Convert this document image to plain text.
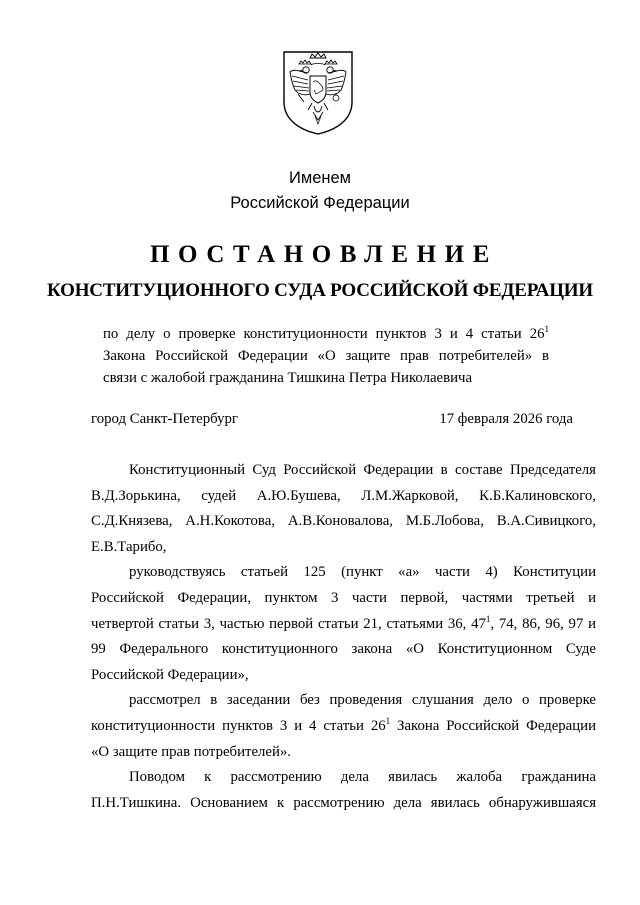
Именем
Российской Федерации
ПОСТАНОВЛЕНИЕ
КОНСТИТУЦИОННОГО СУДА РОССИЙСКОЙ ФЕДЕРАЦИИ
по делу о проверке конституционности пунктов 3 и 4 статьи $26^1$
Закона Российской Федерации «О защите прав потребителей» в
связи с жалобой гражданина Тишкина Петра Николаевича
город Санкт-Петербург	17 февраля 2026 года
Конституционный Суд Российской Федерации в составе Председателя
В.Д.Зорькина, судей А.Ю.Бушева, Л.М.Жарковой, К.Б.Калиновского,
С.Д.Князева, А.Н.Кокотова, А.В.Коновалова, М.Б.Лобова, В.А.Сивицкого,
Е.В.Тарибо,
руководствуясь статьей 125 (пункт «а» части 4) Конституции
Российской Федерации, пунктом 3 части первой, частями третьей и
четвертой статьи 3, частью первой статьи 21, статьями 36, $47^1$, 74, 86, 96, 97 и
99 Федерального конституционного закона «О Конституционном Суде
Российской Федерации»,
рассмотрел в заседании без проведения слушания дело о проверке
конституционности пунктов 3 и 4 статьи $26^1$ Закона Российской Федерации
«О защите прав потребителей».
Поводом к рассмотрению дела явилась жалоба гражданина
П.Н.Тишкина. Основанием к рассмотрению дела явилась обнаружившаяся
